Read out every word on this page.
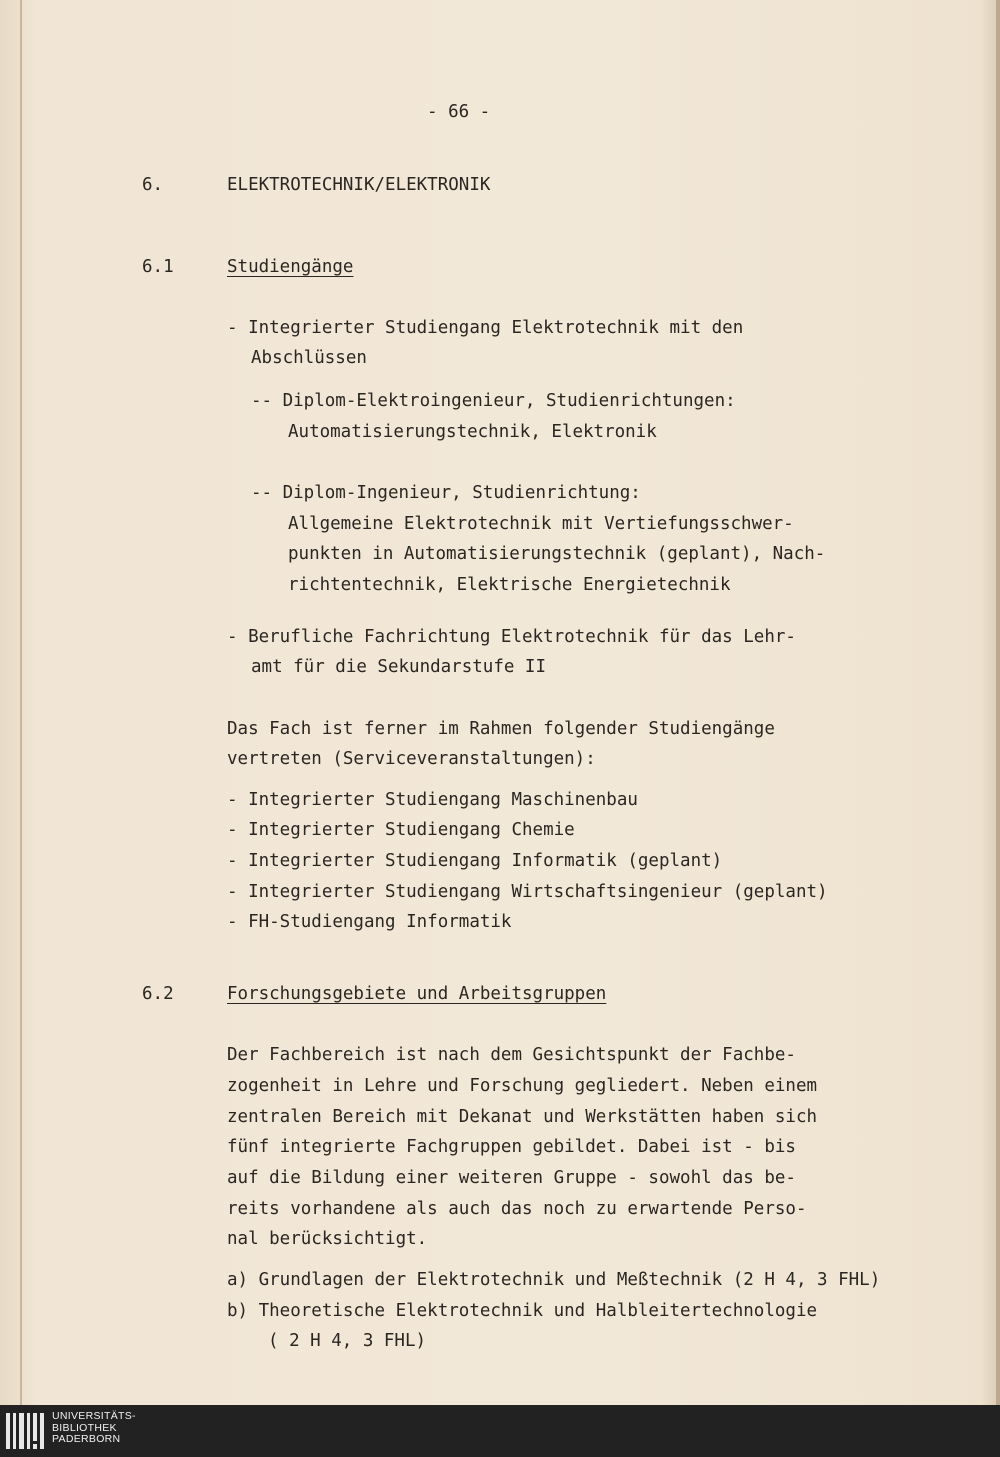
- 66 -
6.	ELEKTROTECHNIK/ELEKTRONIK
6.1	Studiengänge
- Integrierter Studiengang Elektrotechnik mit den
Abschlüssen
-- Diplom-Elektroingenieur, Studienrichtungen:
Automatisierungstechnik, Elektronik
-- Diplom-Ingenieur, Studienrichtung:
Allgemeine Elektrotechnik mit Vertiefungsschwer-
punkten in Automatisierungstechnik (geplant), Nach-
richtentechnik, Elektrische Energietechnik
- Berufliche Fachrichtung Elektrotechnik für das Lehr-
amt für die Sekundarstufe II
Das Fach ist ferner im Rahmen folgender Studiengänge
vertreten (Serviceveranstaltungen):
- Integrierter Studiengang Maschinenbau
- Integrierter Studiengang Chemie
- Integrierter Studiengang Informatik (geplant)
- Integrierter Studiengang Wirtschaftsingenieur (geplant)
- FH-Studiengang Informatik
6.2	Forschungsgebiete und Arbeitsgruppen
Der Fachbereich ist nach dem Gesichtspunkt der Fachbe-
zogenheit in Lehre und Forschung gegliedert. Neben einem
zentralen Bereich mit Dekanat und Werkstätten haben sich
fünf integrierte Fachgruppen gebildet. Dabei ist - bis
auf die Bildung einer weiteren Gruppe - sowohl das be-
reits vorhandene als auch das noch zu erwartende Perso-
nal berücksichtigt.
a) Grundlagen der Elektrotechnik und Meßtechnik (2 H 4, 3 FHL)
b) Theoretische Elektrotechnik und Halbleitertechnologie
( 2 H 4, 3 FHL)
UNIVERSITÄTS-
BIBLIOTHEK
PADERBORN
